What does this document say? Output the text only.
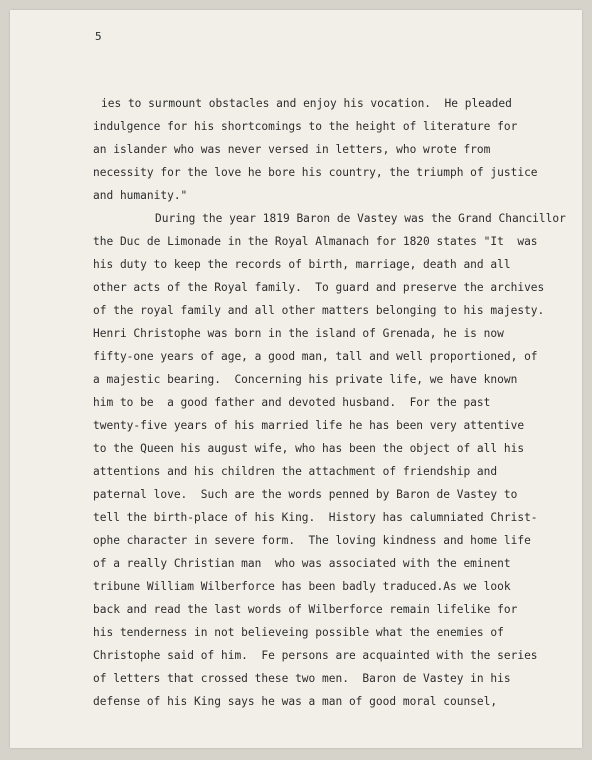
5
ies to surmount obstacles and enjoy his vocation.  He pleaded
indulgence for his shortcomings to the height of literature for
an islander who was never versed in letters, who wrote from
necessity for the love he bore his country, the triumph of justice
and humanity."
During the year 1819 Baron de Vastey was the Grand Chancillor
the Duc de Limonade in the Royal Almanach for 1820 states "It  was
his duty to keep the records of birth, marriage, death and all
other acts of the Royal family.  To guard and preserve the archives
of the royal family and all other matters belonging to his majesty.
Henri Christophe was born in the island of Grenada, he is now
fifty-one years of age, a good man, tall and well proportioned, of
a majestic bearing.  Concerning his private life, we have known
him to be  a good father and devoted husband.  For the past
twenty-five years of his married life he has been very attentive
to the Queen his august wife, who has been the object of all his
attentions and his children the attachment of friendship and
paternal love.  Such are the words penned by Baron de Vastey to
tell the birth-place of his King.  History has calumniated Christ-
ophe character in severe form.  The loving kindness and home life
of a really Christian man  who was associated with the eminent
tribune William Wilberforce has been badly traduced.As we look
back and read the last words of Wilberforce remain lifelike for
his tenderness in not believeing possible what the enemies of
Christophe said of him.  Fe persons are acquainted with the series
of letters that crossed these two men.  Baron de Vastey in his
defense of his King says he was a man of good moral counsel,
